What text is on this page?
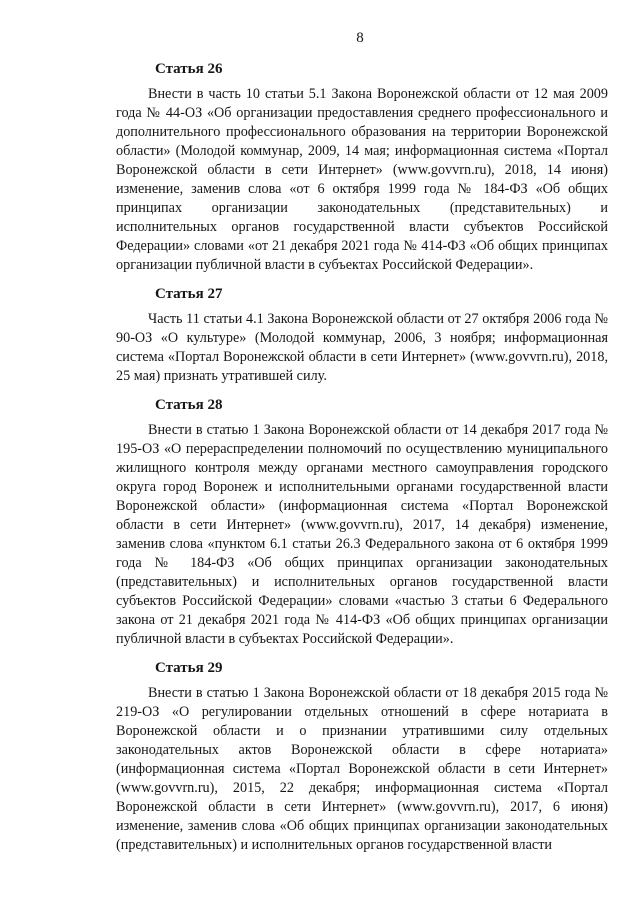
8
Статья 26

Внести в часть 10 статьи 5.1 Закона Воронежской области от 12 мая 2009 года № 44-ОЗ «Об организации предоставления среднего профессионального и дополнительного профессионального образования на территории Воронежской области» (Молодой коммунар, 2009, 14 мая; информационная система «Портал Воронежской области в сети Интернет» (www.govvrn.ru), 2018, 14 июня) изменение, заменив слова «от 6 октября 1999 года № 184-ФЗ «Об общих принципах организации законодательных (представительных) и исполнительных органов государственной власти субъектов Российской Федерации» словами «от 21 декабря 2021 года № 414-ФЗ «Об общих принципах организации публичной власти в субъектах Российской Федерации».

Статья 27

Часть 11 статьи 4.1 Закона Воронежской области от 27 октября 2006 года № 90-ОЗ «О культуре» (Молодой коммунар, 2006, 3 ноября; информационная система «Портал Воронежской области в сети Интернет» (www.govvrn.ru), 2018, 25 мая) признать утратившей силу.

Статья 28

Внести в статью 1 Закона Воронежской области от 14 декабря 2017 года № 195-ОЗ «О перераспределении полномочий по осуществлению муниципального жилищного контроля между органами местного самоуправления городского округа город Воронеж и исполнительными органами государственной власти Воронежской области» (информационная система «Портал Воронежской области в сети Интернет» (www.govvrn.ru), 2017, 14 декабря) изменение, заменив слова «пунктом 6.1 статьи 26.3 Федерального закона от 6 октября 1999 года № 184-ФЗ «Об общих принципах организации законодательных (представительных) и исполнительных органов государственной власти субъектов Российской Федерации» словами «частью 3 статьи 6 Федерального закона от 21 декабря 2021 года № 414-ФЗ «Об общих принципах организации публичной власти в субъектах Российской Федерации».

Статья 29

Внести в статью 1 Закона Воронежской области от 18 декабря 2015 года № 219-ОЗ «О регулировании отдельных отношений в сфере нотариата в Воронежской области и о признании утратившими силу отдельных законодательных актов Воронежской области в сфере нотариата» (информационная система «Портал Воронежской области в сети Интернет» (www.govvrn.ru), 2015, 22 декабря; информационная система «Портал Воронежской области в сети Интернет» (www.govvrn.ru), 2017, 6 июня) изменение, заменив слова «Об общих принципах организации законодательных (представительных) и исполнительных органов государственной власти
